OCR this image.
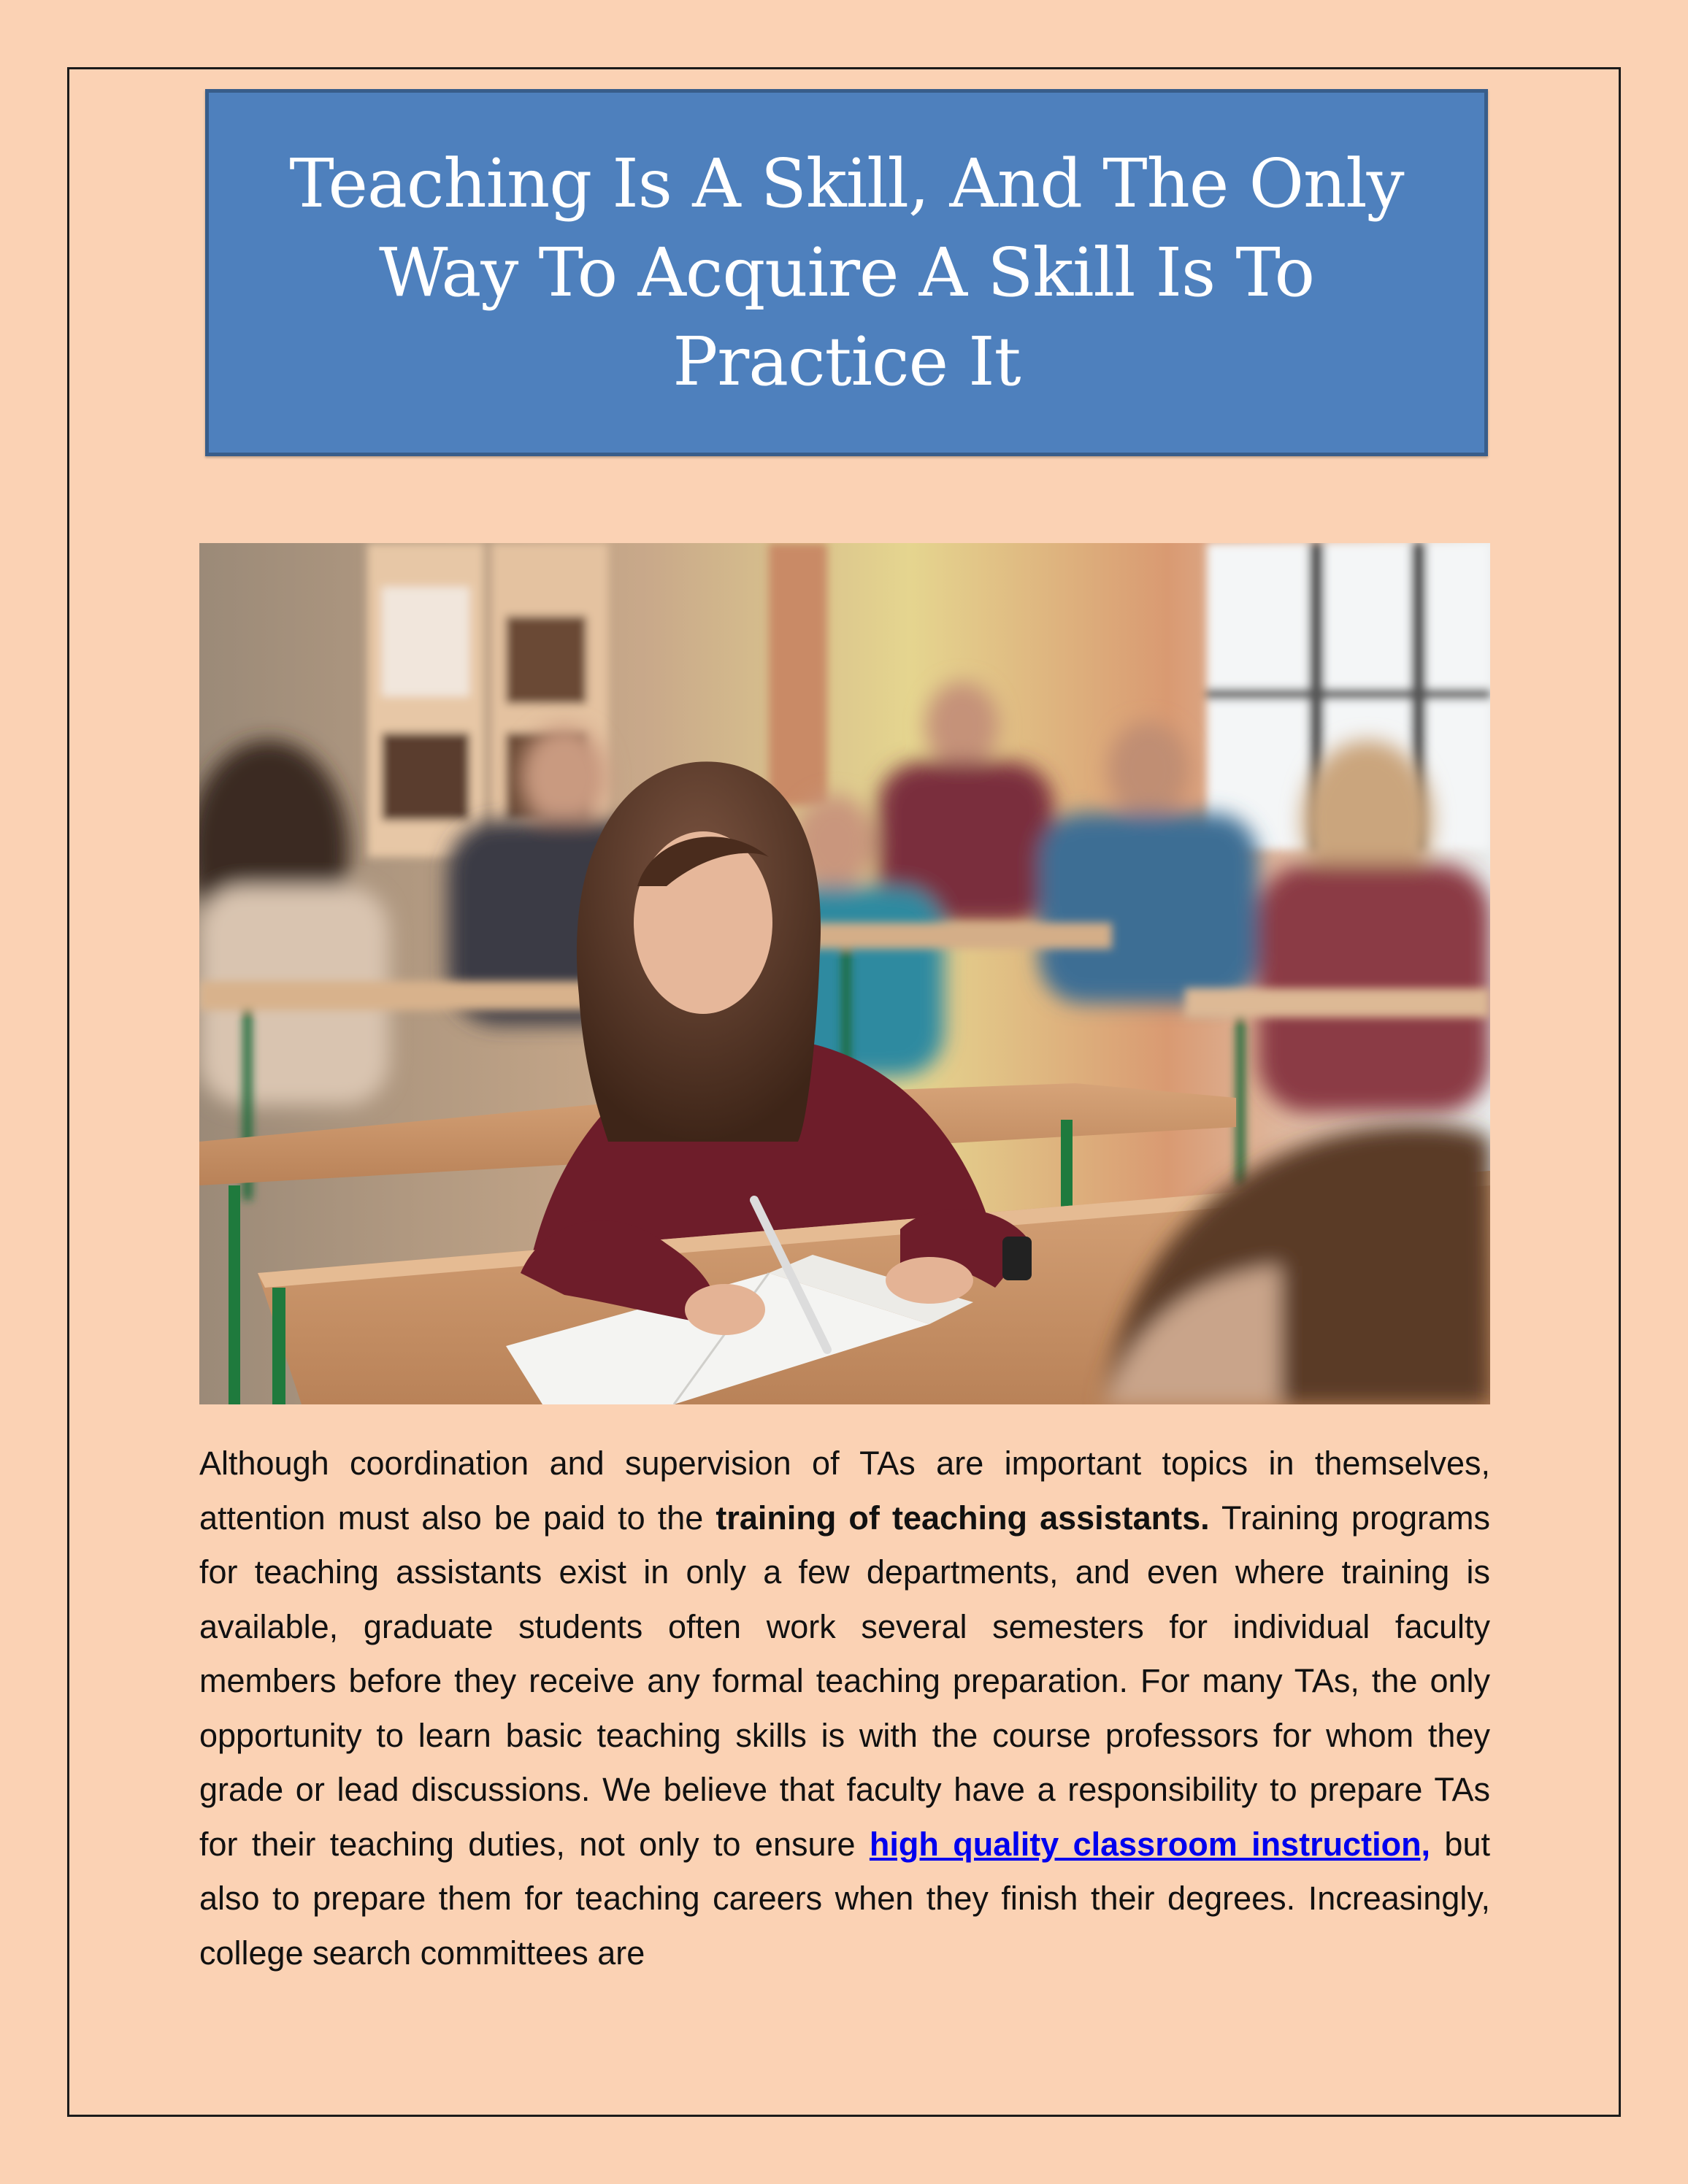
Teaching Is A Skill, And The Only Way To Acquire A Skill Is To Practice It

Although coordination and supervision of TAs are important topics in themselves, attention must also be paid to the training of teaching assistants. Training programs for teaching assistants exist in only a few departments, and even where training is available, graduate students often work several semesters for individual faculty members before they receive any formal teaching preparation. For many TAs, the only opportunity to learn basic teaching skills is with the course professors for whom they grade or lead discussions. We believe that faculty have a responsibility to prepare TAs for their teaching duties, not only to ensure high quality classroom instruction, but also to prepare them for teaching careers when they finish their degrees. Increasingly, college search committees are
